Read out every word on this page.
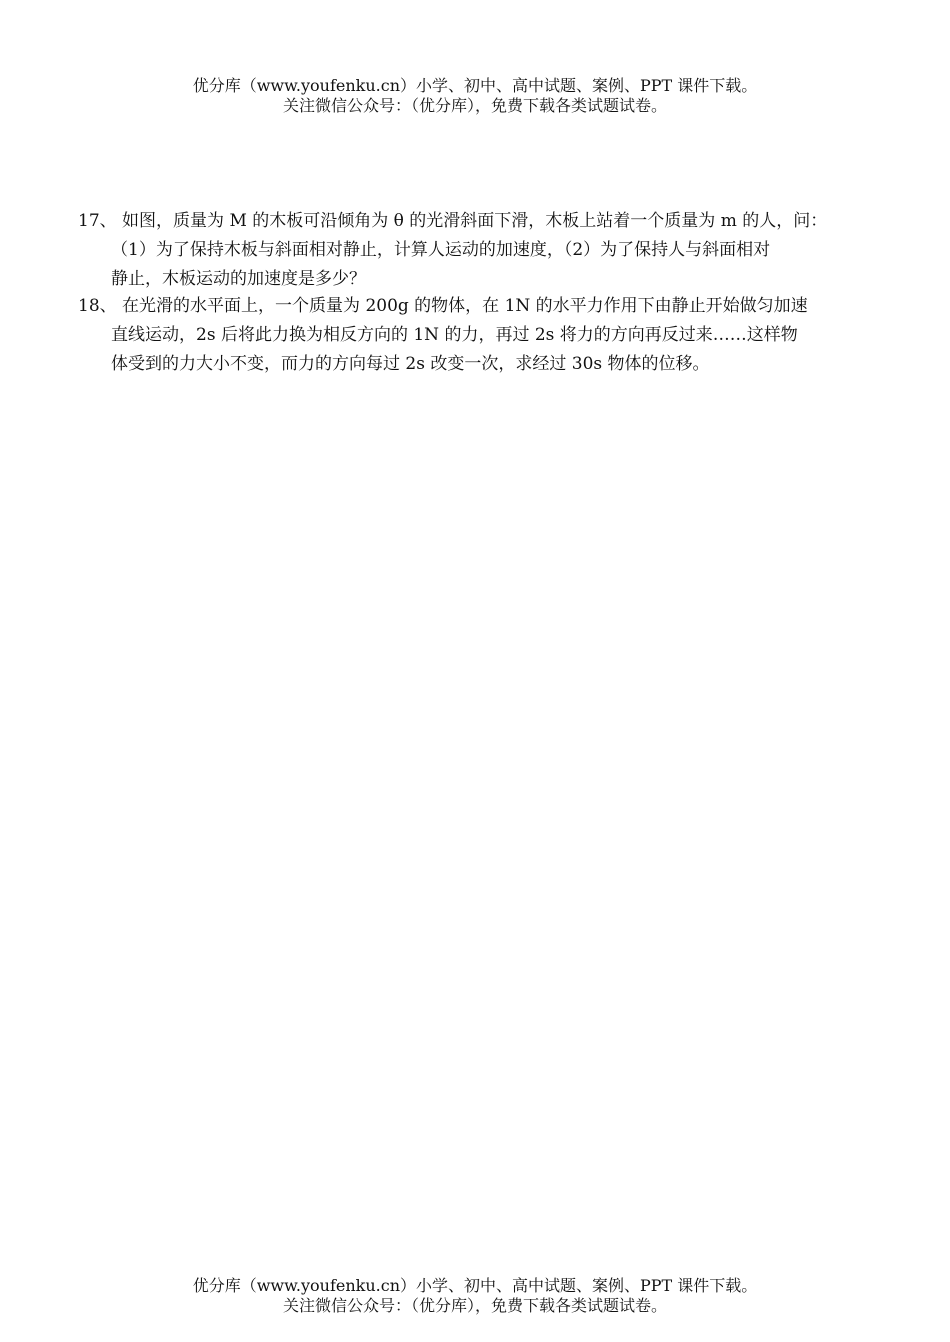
优分库（www.youfenku.cn）小学、初中、高中试题、案例、PPT 课件下载。
关注微信公众号：（优分库），免费下载各类试题试卷。
17、 如图，质量为 M 的木板可沿倾角为 θ 的光滑斜面下滑，木板上站着一个质量为 m 的人，问：
（1）为了保持木板与斜面相对静止，计算人运动的加速度，（2）为了保持人与斜面相对
静止，木板运动的加速度是多少？
18、 在光滑的水平面上，一个质量为 200g 的物体，在 1N 的水平力作用下由静止开始做匀加速
直线运动，2s 后将此力换为相反方向的 1N 的力，再过 2s 将力的方向再反过来……这样物
体受到的力大小不变，而力的方向每过 2s 改变一次，求经过 30s 物体的位移。
优分库（www.youfenku.cn）小学、初中、高中试题、案例、PPT 课件下载。
关注微信公众号：（优分库），免费下载各类试题试卷。
